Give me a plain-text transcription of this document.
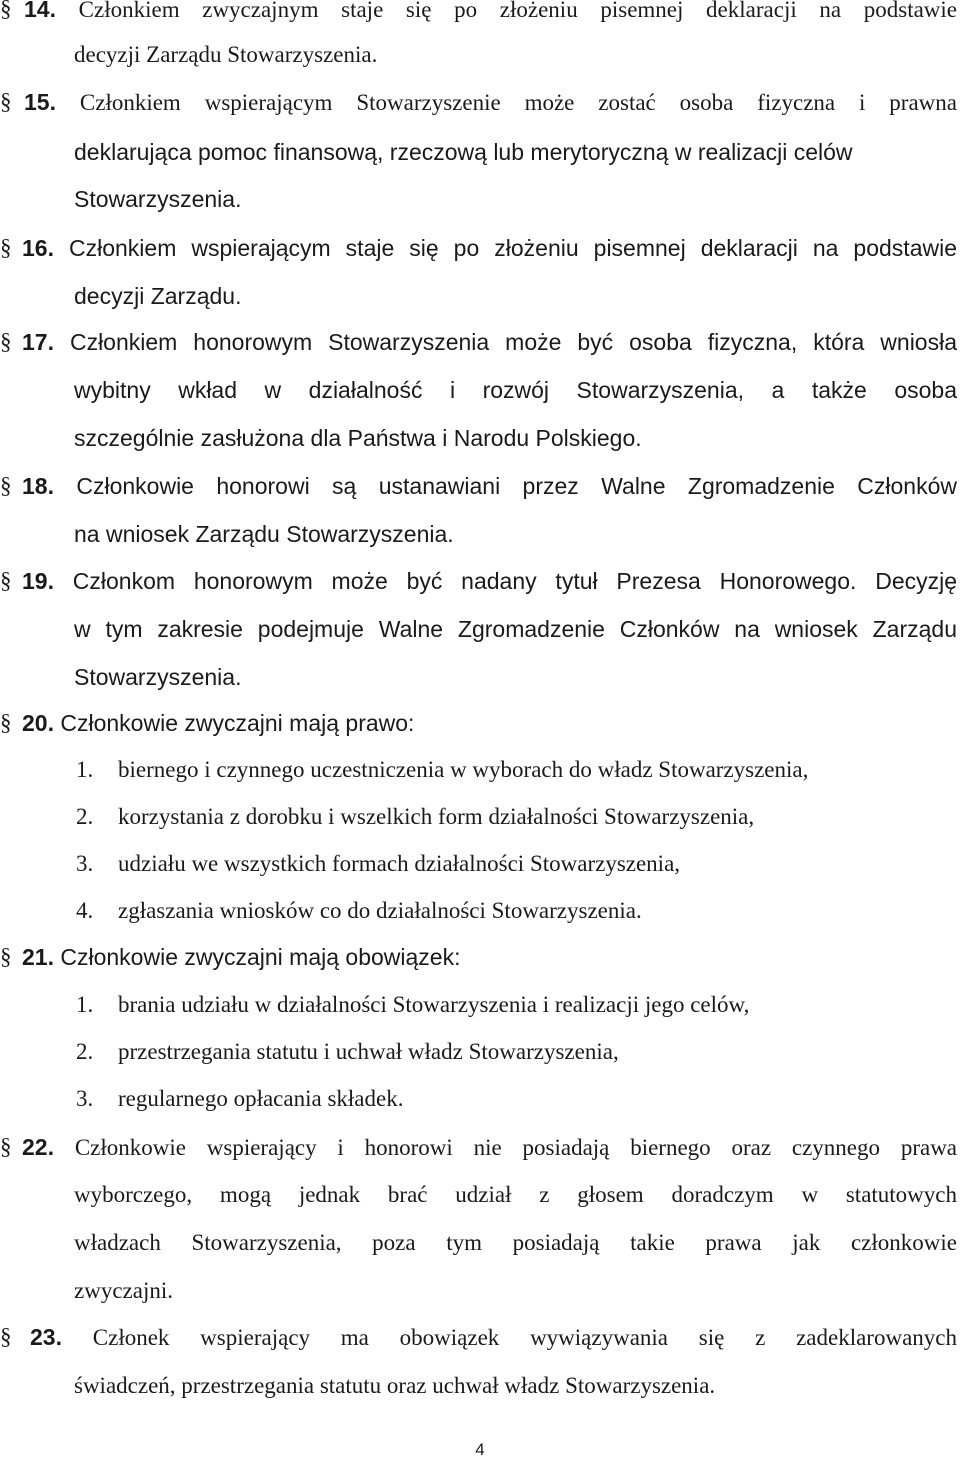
§ 14. Członkiem zwyczajnym staje się po złożeniu pisemnej deklaracji na podstawie
decyzji Zarządu Stowarzyszenia.
§ 15. Członkiem wspierającym Stowarzyszenie może zostać osoba fizyczna i prawna
deklarująca pomoc finansową, rzeczową lub merytoryczną w realizacji celów
Stowarzyszenia.
§ 16. Członkiem wspierającym staje się po złożeniu pisemnej deklaracji na podstawie
decyzji Zarządu.
§ 17. Członkiem honorowym Stowarzyszenia może być osoba fizyczna, która wniosła
wybitny wkład w działalność i rozwój Stowarzyszenia, a także osoba
szczególnie zasłużona dla Państwa i Narodu Polskiego.
§ 18. Członkowie honorowi są ustanawiani przez Walne Zgromadzenie Członków
na wniosek Zarządu Stowarzyszenia.
§ 19. Członkom honorowym może być nadany tytuł Prezesa Honorowego. Decyzję
w tym zakresie podejmuje Walne Zgromadzenie Członków na wniosek Zarządu
Stowarzyszenia.
§ 20. Członkowie zwyczajni mają prawo:
1. biernego i czynnego uczestniczenia w wyborach do władz Stowarzyszenia,
2. korzystania z dorobku i wszelkich form działalności Stowarzyszenia,
3. udziału we wszystkich formach działalności Stowarzyszenia,
4. zgłaszania wniosków co do działalności Stowarzyszenia.
§ 21. Członkowie zwyczajni mają obowiązek:
1. brania udziału w działalności Stowarzyszenia i realizacji jego celów,
2. przestrzegania statutu i uchwał władz Stowarzyszenia,
3. regularnego opłacania składek.
§ 22. Członkowie wspierający i honorowi nie posiadają biernego oraz czynnego prawa
wyborczego, mogą jednak brać udział z głosem doradczym w statutowych
władzach Stowarzyszenia, poza tym posiadają takie prawa jak członkowie
zwyczajni.
§ 23. Członek wspierający ma obowiązek wywiązywania się z zadeklarowanych
świadczeń, przestrzegania statutu oraz uchwał władz Stowarzyszenia.
4
